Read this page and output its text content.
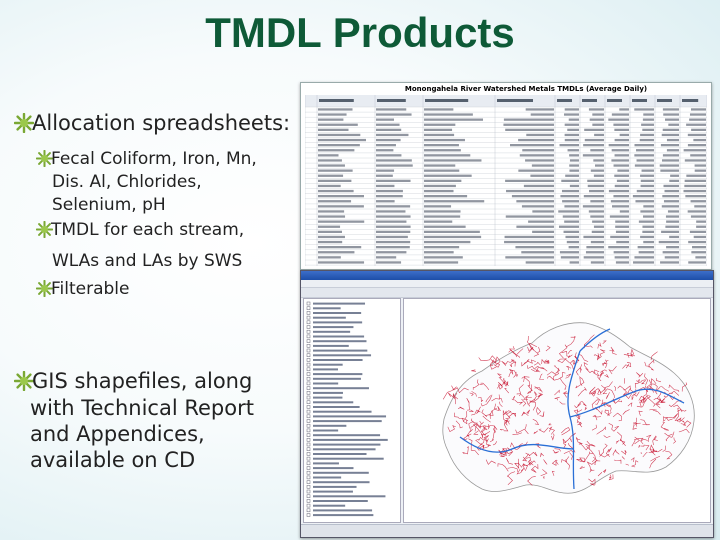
TMDL Products
Allocation spreadsheets:
Fecal Coliform, Iron, Mn,
Dis. Al, Chlorides,
Selenium, pH
TMDL for each stream,
WLAs and LAs by SWS
Filterable
GIS shapefiles, along
with Technical Report
and Appendices,
available on CD
Monongahela River Watershed Metals TMDLs (Average Daily)
